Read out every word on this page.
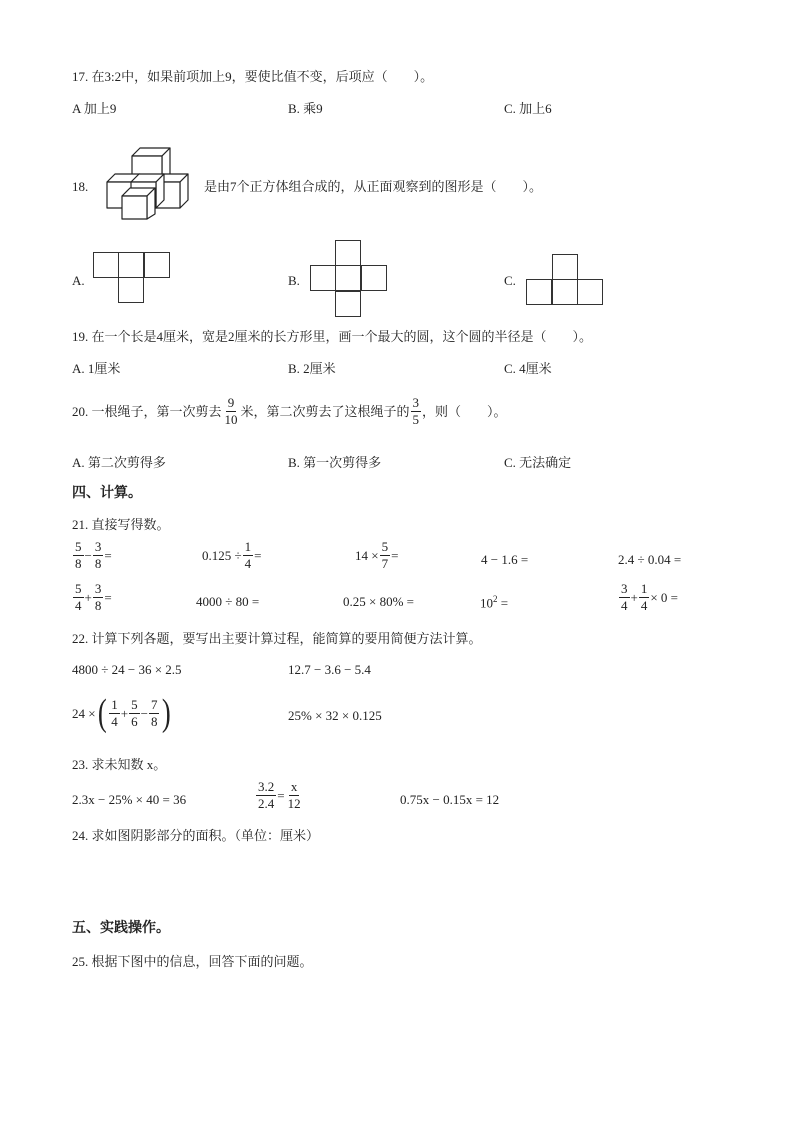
17. 在3:2中，如果前项加上9，要使比值不变，后项应（　　）。
A 加上9	B. 乘9	C. 加上6
18.	是由7个正方体组合成的，从正面观察到的图形是（　　）。
A.	B.	C.
19. 在一个长是4厘米，宽是2厘米的长方形里，画一个最大的圆，这个圆的半径是（　　）。
A. 1厘米	B. 2厘米	C. 4厘米
20. 一根绳子，第一次剪去 $\frac{9}{10}$ 米，第二次剪去了这根绳子的 $\frac{3}{5}$ ，则（　　）。
A. 第二次剪得多	B. 第一次剪得多	C. 无法确定
四、计算。
21. 直接写得数。
$\frac{5}{8} - \frac{3}{8}$ =	$0.125 \div \frac{1}{4}$ =	$14 \times \frac{5}{7}$ =	4 − 1.6 =	2.4 ÷ 0.04 =
$\frac{5}{4} + \frac{3}{8}$ =	4000 ÷ 80 =	0.25 × 80% =	$10^2$ =	$\frac{3}{4} + \frac{1}{4} \times 0$ =
22. 计算下列各题，要写出主要计算过程，能简算的要用简便方法计算。
4800 ÷ 24 − 36 × 2.5	12.7 − 3.6 − 5.4
24 × ( $\frac{1}{4} + \frac{5}{6} - \frac{7}{8}$ )	25% × 32 × 0.125
23. 求未知数 x。
2.3x − 25% × 40 = 36	$\frac{3.2}{2.4} = \frac{x}{12}$	0.75x − 0.15x = 12
24. 求如图阴影部分的面积。（单位：厘米）
五、实践操作。
25. 根据下图中的信息，回答下面的问题。
